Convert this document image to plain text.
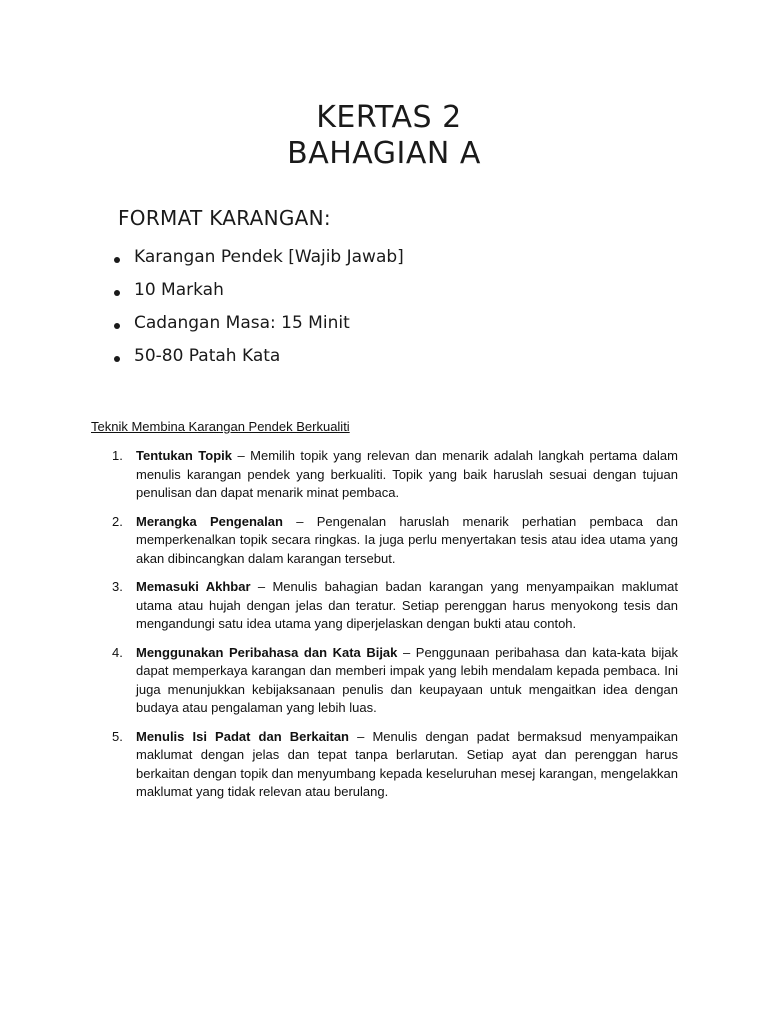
KERTAS 2
BAHAGIAN A
FORMAT KARANGAN:
Karangan Pendek [Wajib Jawab]
10 Markah
Cadangan Masa: 15 Minit
50-80 Patah Kata
Teknik Membina Karangan Pendek Berkualiti
1. Tentukan Topik – Memilih topik yang relevan dan menarik adalah langkah pertama dalam menulis karangan pendek yang berkualiti. Topik yang baik haruslah sesuai dengan tujuan penulisan dan dapat menarik minat pembaca.
2. Merangka Pengenalan – Pengenalan haruslah menarik perhatian pembaca dan memperkenalkan topik secara ringkas. Ia juga perlu menyertakan tesis atau idea utama yang akan dibincangkan dalam karangan tersebut.
3. Memasuki Akhbar – Menulis bahagian badan karangan yang menyampaikan maklumat utama atau hujah dengan jelas dan teratur. Setiap perenggan harus menyokong tesis dan mengandungi satu idea utama yang diperjelaskan dengan bukti atau contoh.
4. Menggunakan Peribahasa dan Kata Bijak – Penggunaan peribahasa dan kata-kata bijak dapat memperkaya karangan dan memberi impak yang lebih mendalam kepada pembaca. Ini juga menunjukkan kebijaksanaan penulis dan keupayaan untuk mengaitkan idea dengan budaya atau pengalaman yang lebih luas.
5. Menulis Isi Padat dan Berkaitan – Menulis dengan padat bermaksud menyampaikan maklumat dengan jelas dan tepat tanpa berlarutan. Setiap ayat dan perenggan harus berkaitan dengan topik dan menyumbang kepada keseluruhan mesej karangan, mengelakkan maklumat yang tidak relevan atau berulang.
